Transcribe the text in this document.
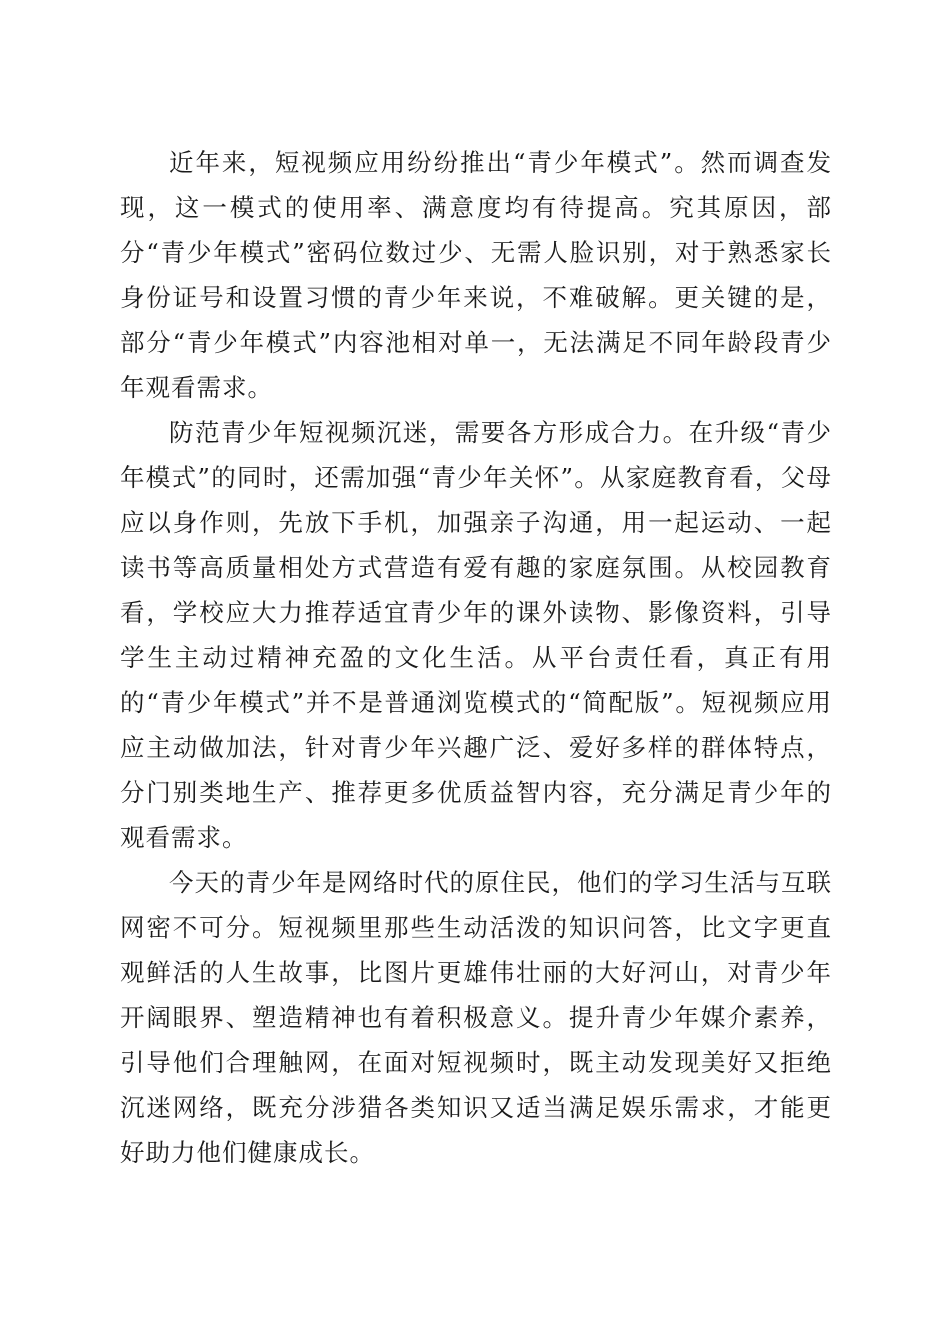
近年来，短视频应用纷纷推出“青少年模式”。然而调查发现，这一模式的使用率、满意度均有待提高。究其原因，部分“青少年模式”密码位数过少、无需人脸识别，对于熟悉家长身份证号和设置习惯的青少年来说，不难破解。更关键的是，部分“青少年模式”内容池相对单一，无法满足不同年龄段青少年观看需求。

防范青少年短视频沉迷，需要各方形成合力。在升级“青少年模式”的同时，还需加强“青少年关怀”。从家庭教育看，父母应以身作则，先放下手机，加强亲子沟通，用一起运动、一起读书等高质量相处方式营造有爱有趣的家庭氛围。从校园教育看，学校应大力推荐适宜青少年的课外读物、影像资料，引导学生主动过精神充盈的文化生活。从平台责任看，真正有用的“青少年模式”并不是普通浏览模式的“简配版”。短视频应用应主动做加法，针对青少年兴趣广泛、爱好多样的群体特点，分门别类地生产、推荐更多优质益智内容，充分满足青少年的观看需求。

今天的青少年是网络时代的原住民，他们的学习生活与互联网密不可分。短视频里那些生动活泼的知识问答，比文字更直观鲜活的人生故事，比图片更雄伟壮丽的大好河山，对青少年开阔眼界、塑造精神也有着积极意义。提升青少年媒介素养，引导他们合理触网，在面对短视频时，既主动发现美好又拒绝沉迷网络，既充分涉猎各类知识又适当满足娱乐需求，才能更好助力他们健康成长。
